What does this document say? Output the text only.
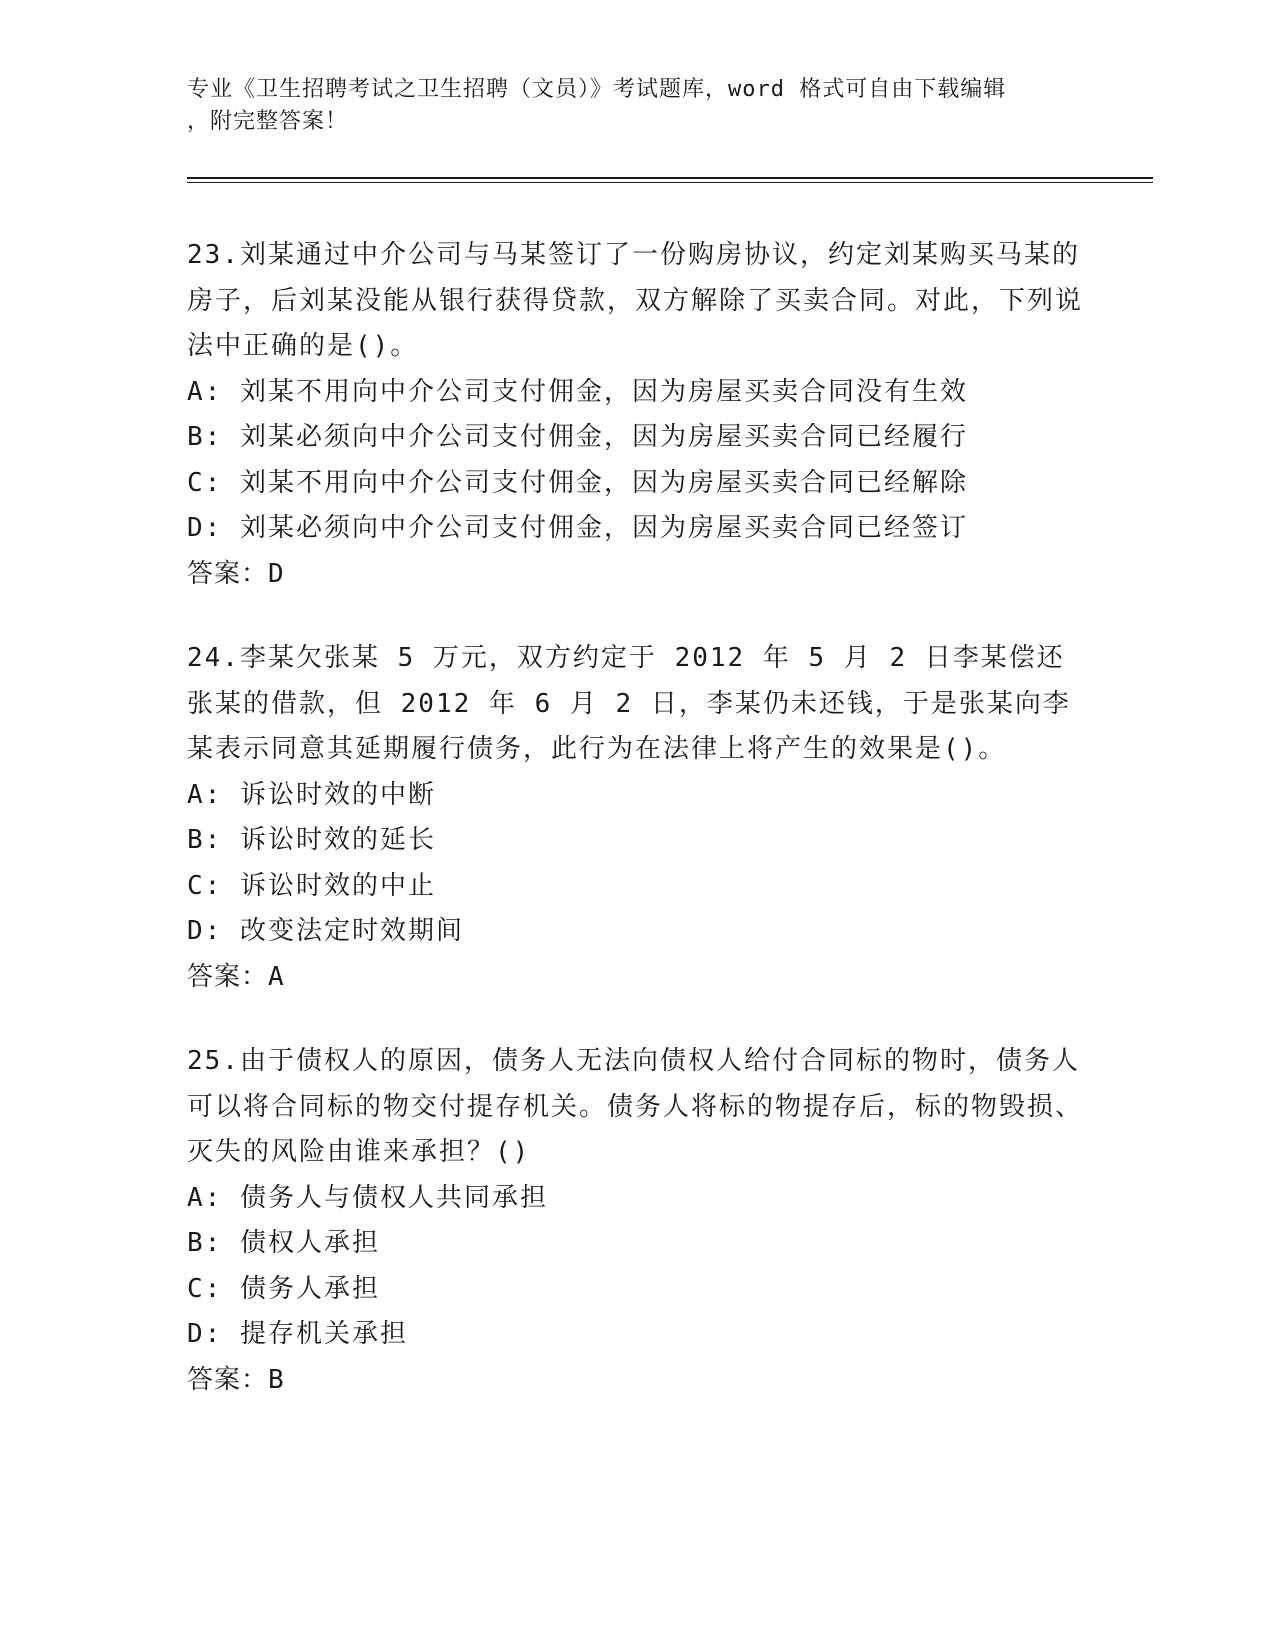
专业《卫生招聘考试之卫生招聘（文员）》考试题库，word 格式可自由下载编辑
，附完整答案！

23.刘某通过中介公司与马某签订了一份购房协议，约定刘某购买马某的房子，后刘某没能从银行获得贷款，双方解除了买卖合同。对此，下列说法中正确的是()。

A: 刘某不用向中介公司支付佣金，因为房屋买卖合同没有生效

B: 刘某必须向中介公司支付佣金，因为房屋买卖合同已经履行

C: 刘某不用向中介公司支付佣金，因为房屋买卖合同已经解除

D: 刘某必须向中介公司支付佣金，因为房屋买卖合同已经签订

答案：D

24.李某欠张某 5 万元，双方约定于 2012 年 5 月 2 日李某偿还张某的借款，但 2012 年 6 月 2 日，李某仍未还钱，于是张某向李某表示同意其延期履行债务，此行为在法律上将产生的效果是()。

A: 诉讼时效的中断

B: 诉讼时效的延长

C: 诉讼时效的中止

D: 改变法定时效期间

答案：A

25.由于债权人的原因，债务人无法向债权人给付合同标的物时，债务人可以将合同标的物交付提存机关。债务人将标的物提存后，标的物毁损、灭失的风险由谁来承担？()

A: 债务人与债权人共同承担

B: 债权人承担

C: 债务人承担

D: 提存机关承担

答案：B
